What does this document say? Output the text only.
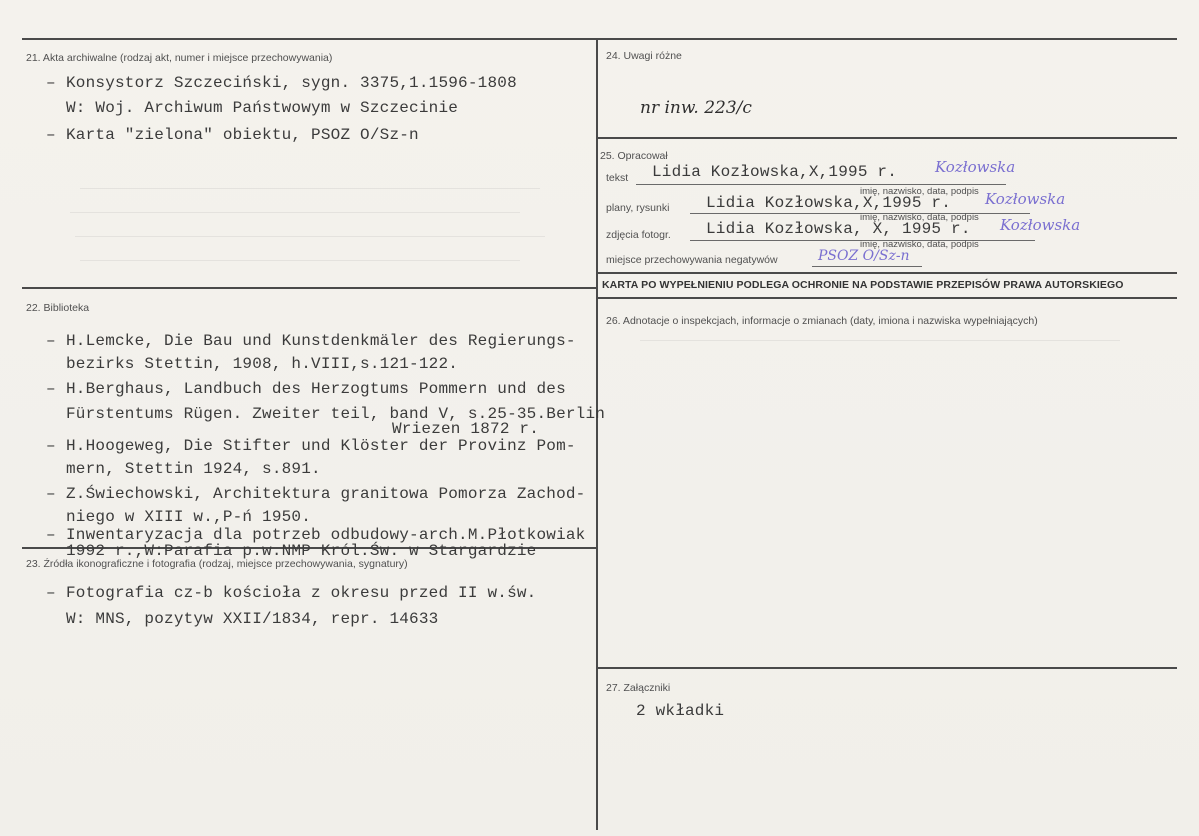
21. Akta archiwalne (rodzaj akt, numer i miejsce przechowywania)
– Konsystorz Szczeciński, sygn. 3375,1.1596-1808
W: Woj. Archiwum Państwowym w Szczecinie
– Karta "zielona" obiektu, PSOZ O/Sz-n
22. Biblioteka
– H.Lemcke, Die Bau und Kunstdenkmäler des Regierungs-
bezirks Stettin, 1908, h.VIII,s.121-122.
– H.Berghaus, Landbuch des Herzogtums Pommern und des
Fürstentums Rügen. Zweiter teil, band V, s.25-35.Berlin
Wriezen 1872 r.
– H.Hoogeweg, Die Stifter und Klöster der Provinz Pom-
mern, Stettin 1924, s.891.
– Z.Świechowski, Architektura granitowa Pomorza Zachod-
niego w XIII w.,P-ń 1950.
– Inwentaryzacja dla potrzeb odbudowy-arch.M.Płotkowiak
1992 r.,W:Parafia p.w.NMP Król.Św. w Stargardzie
23. Źródła ikonograficzne i fotografia (rodzaj, miejsce przechowywania, sygnatury)
– Fotografia cz-b kościoła z okresu przed II w.św.
W: MNS, pozytyw XXII/1834, repr. 14633
24. Uwagi różne
nr inw. 223/c
25. Opracował
tekst Lidia Kozłowska,X,1995 r.	Kozłowska
imię, nazwisko, data, podpis
plany, rysunki Lidia Kozłowska,X,1995 r. Kozłowska
imię, nazwisko, data, podpis
zdjęcia fotogr. Lidia Kozłowska, X, 1995 r. Kozłowska
imię, nazwisko, data, podpis
miejsce przechowywania negatywów	PSOZ O/Sz-n
KARTA PO WYPEŁNIENIU PODLEGA OCHRONIE NA PODSTAWIE PRZEPISÓW PRAWA AUTORSKIEGO
26. Adnotacje o inspekcjach, informacje o zmianach (daty, imiona i nazwiska wypełniających)
27. Załączniki
2 wkładki
